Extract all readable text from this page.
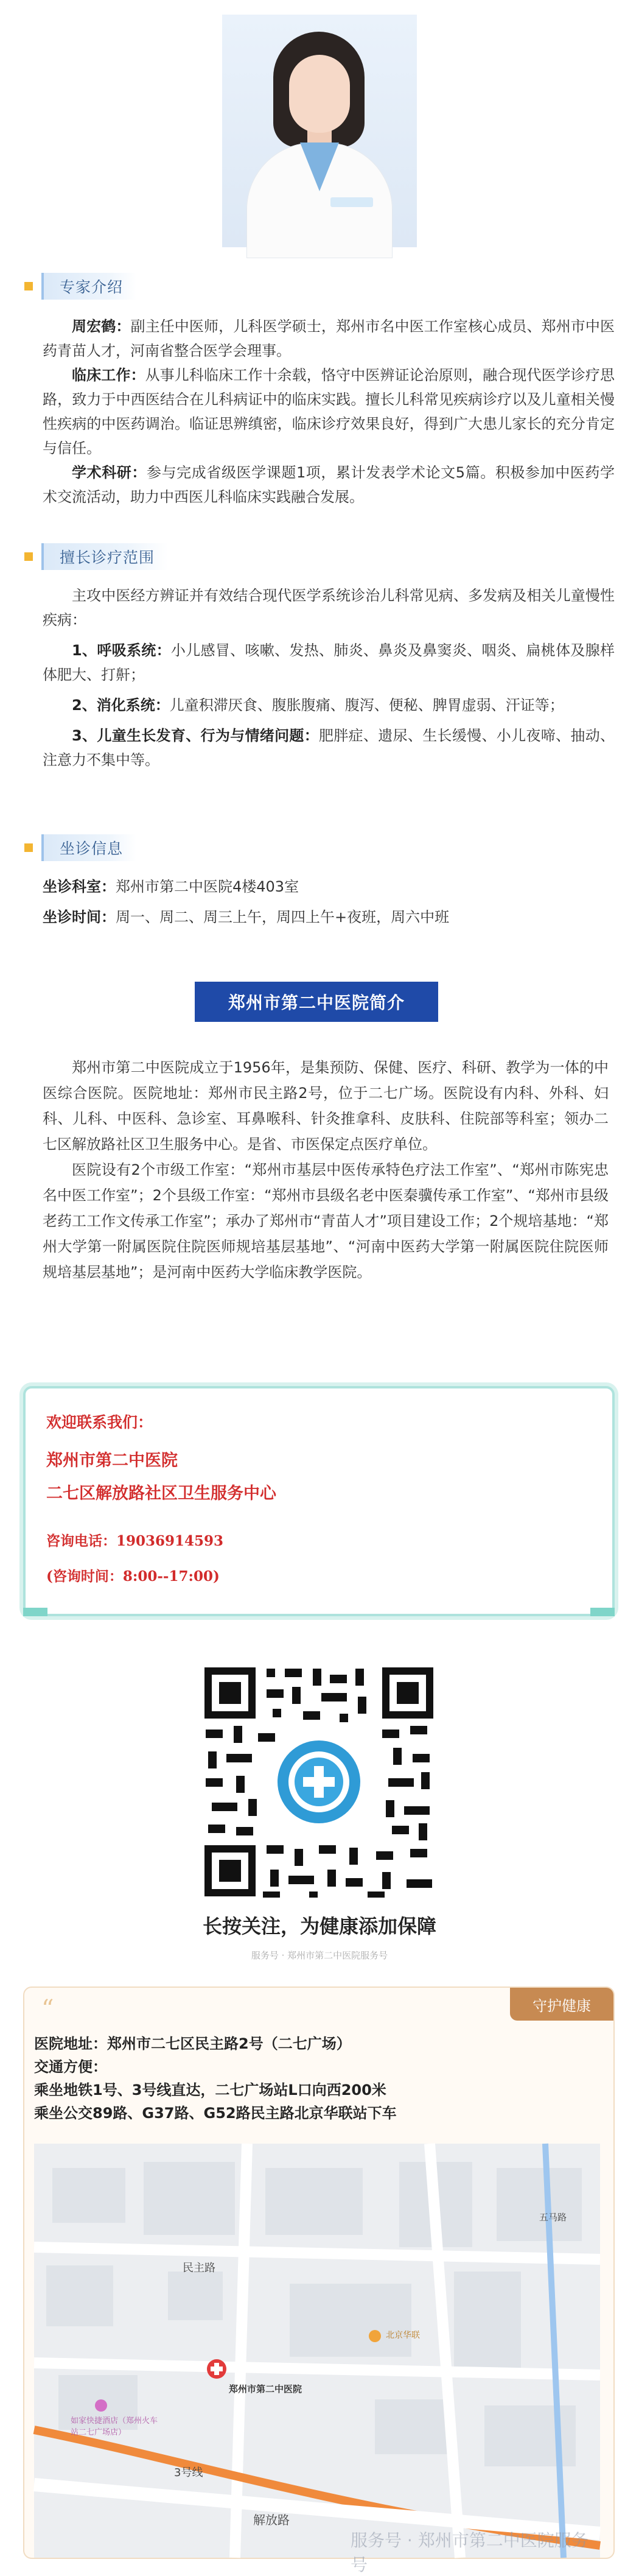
专家介绍
周宏鹤：副主任中医师，儿科医学硕士，郑州市名中医工作室核心成员、郑州市中医药青苗人才，河南省整合医学会理事。
临床工作：从事儿科临床工作十余载，恪守中医辨证论治原则，融合现代医学诊疗思路，致力于中西医结合在儿科病证中的临床实践。擅长儿科常见疾病诊疗以及儿童相关慢性疾病的中医药调治。临证思辨缜密，临床诊疗效果良好，得到广大患儿家长的充分肯定与信任。
学术科研：参与完成省级医学课题1项，累计发表学术论文5篇。积极参加中医药学术交流活动，助力中西医儿科临床实践融合发展。
擅长诊疗范围
主攻中医经方辨证并有效结合现代医学系统诊治儿科常见病、多发病及相关儿童慢性疾病：
1、呼吸系统：小儿感冒、咳嗽、发热、肺炎、鼻炎及鼻窦炎、咽炎、扁桃体及腺样体肥大、打鼾；
2、消化系统：儿童积滞厌食、腹胀腹痛、腹泻、便秘、脾胃虚弱、汗证等；
3、儿童生长发育、行为与情绪问题：肥胖症、遗尿、生长缓慢、小儿夜啼、抽动、注意力不集中等。
坐诊信息
坐诊科室：郑州市第二中医院4楼403室
坐诊时间：周一、周二、周三上午，周四上午+夜班，周六中班
郑州市第二中医院简介
郑州市第二中医院成立于1956年，是集预防、保健、医疗、科研、教学为一体的中医综合医院。医院地址：郑州市民主路2号，位于二七广场。医院设有内科、外科、妇科、儿科、中医科、急诊室、耳鼻喉科、针灸推拿科、皮肤科、住院部等科室；领办二七区解放路社区卫生服务中心。是省、市医保定点医疗单位。
医院设有2个市级工作室：“郑州市基层中医传承特色疗法工作室”、“郑州市陈宪忠名中医工作室”；2个县级工作室：“郑州市县级名老中医秦骥传承工作室”、“郑州市县级老药工工作文传承工作室”；承办了郑州市“青苗人才”项目建设工作；2个规培基地：“郑州大学第一附属医院住院医师规培基层基地”、“河南中医药大学第一附属医院住院医师规培基层基地”；是河南中医药大学临床教学医院。
欢迎联系我们：
郑州市第二中医院
二七区解放路社区卫生服务中心
咨询电话：19036914593
(咨询时间：8:00--17:00)
长按关注，为健康添加保障
服务号 · 郑州市第二中医院服务号
“	守护健康
医院地址：郑州市二七区民主路2号（二七广场）
交通方便：
乘坐地铁1号、3号线直达，二七广场站L口向西200米
乘坐公交89路、G37路、G52路民主路北京华联站下车
郑州市第二中医院
3号线
解放路
民主路
北京华联
如家快捷酒店（郑州火车站二七广场店）
五马路
服务号 · 郑州市第二中医院服务号
